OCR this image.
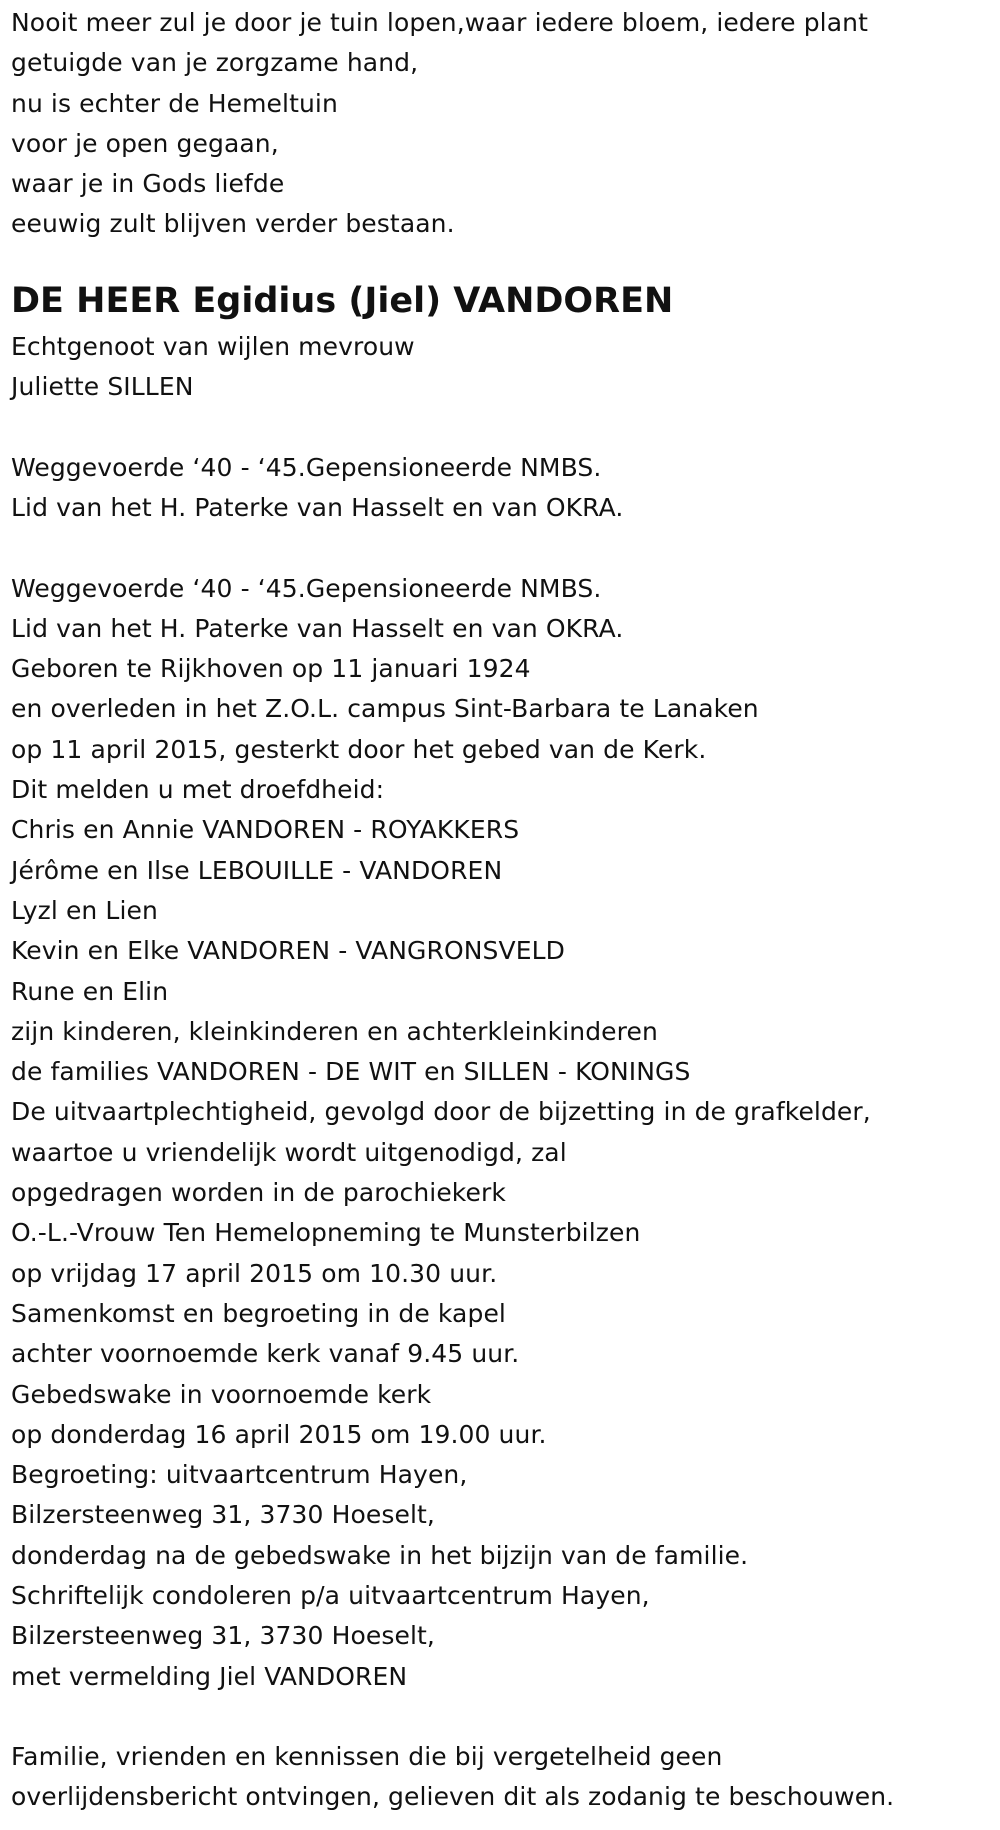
Nooit meer zul je door je tuin lopen,waar iedere bloem, iedere plant
getuigde van je zorgzame hand,
nu is echter de Hemeltuin
voor je open gegaan,
waar je in Gods liefde
eeuwig zult blijven verder bestaan.
DE HEER Egidius (Jiel) VANDOREN
Echtgenoot van wijlen mevrouw
Juliette SILLEN
Weggevoerde ‘40 - ‘45.Gepensioneerde NMBS.
Lid van het H. Paterke van Hasselt en van OKRA.
Weggevoerde ‘40 - ‘45.Gepensioneerde NMBS.
Lid van het H. Paterke van Hasselt en van OKRA.
Geboren te Rijkhoven op 11 januari 1924
en overleden in het Z.O.L. campus Sint-Barbara te Lanaken
op 11 april 2015, gesterkt door het gebed van de Kerk.
Dit melden u met droefdheid:
Chris en Annie VANDOREN - ROYAKKERS
Jérôme en Ilse LEBOUILLE - VANDOREN
Lyzl en Lien
Kevin en Elke VANDOREN - VANGRONSVELD
Rune en Elin
zijn kinderen, kleinkinderen en achterkleinkinderen
de families VANDOREN - DE WIT en SILLEN - KONINGS
De uitvaartplechtigheid, gevolgd door de bijzetting in de grafkelder,
waartoe u vriendelijk wordt uitgenodigd, zal
opgedragen worden in de parochiekerk
O.-L.-Vrouw Ten Hemelopneming te Munsterbilzen
op vrijdag 17 april 2015 om 10.30 uur.
Samenkomst en begroeting in de kapel
achter voornoemde kerk vanaf 9.45 uur.
Gebedswake in voornoemde kerk
op donderdag 16 april 2015 om 19.00 uur.
Begroeting: uitvaartcentrum Hayen,
Bilzersteenweg 31, 3730 Hoeselt,
donderdag na de gebedswake in het bijzijn van de familie.
Schriftelijk condoleren p/a uitvaartcentrum Hayen,
Bilzersteenweg 31, 3730 Hoeselt,
met vermelding Jiel VANDOREN
Familie, vrienden en kennissen die bij vergetelheid geen
overlijdensbericht ontvingen, gelieven dit als zodanig te beschouwen.
